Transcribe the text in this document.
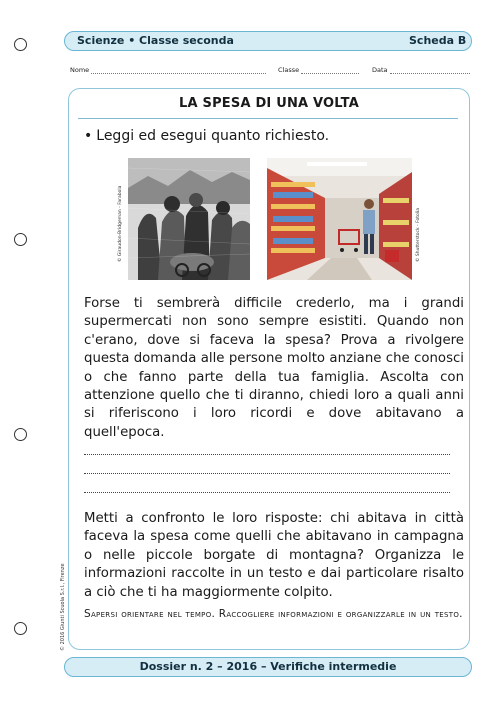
Scienze • Classe seconda	Scheda B
Nome	Classe	Data
LA SPESA DI UNA VOLTA
• Leggi ed esegui quanto richiesto.
© Giraudon-Bridgeman - Farabola	© Shutterstock - Fotolia
Forse ti sembrerà difficile crederlo, ma i grandi supermercati non sono sempre esistiti. Quando non c'erano, dove si faceva la spesa? Prova a rivolgere questa domanda alle persone molto anziane che conosci o che fanno parte della tua famiglia. Ascolta con attenzione quello che ti diranno, chiedi loro a quali anni si riferiscono i loro ricordi e dove abitavano a quell'epoca.
Metti a confronto le loro risposte: chi abitava in città faceva la spesa come quelli che abitavano in campagna o nelle piccole borgate di montagna? Organizza le informazioni raccolte in un testo e dai particolare risalto a ciò che ti ha maggiormente colpito.
Sapersi orientare nel tempo. Raccogliere informazioni e organizzarle in un testo.
© 2016 Giunti Scuola S.r.l., Firenze
Dossier n. 2 – 2016 – Verifiche intermedie
